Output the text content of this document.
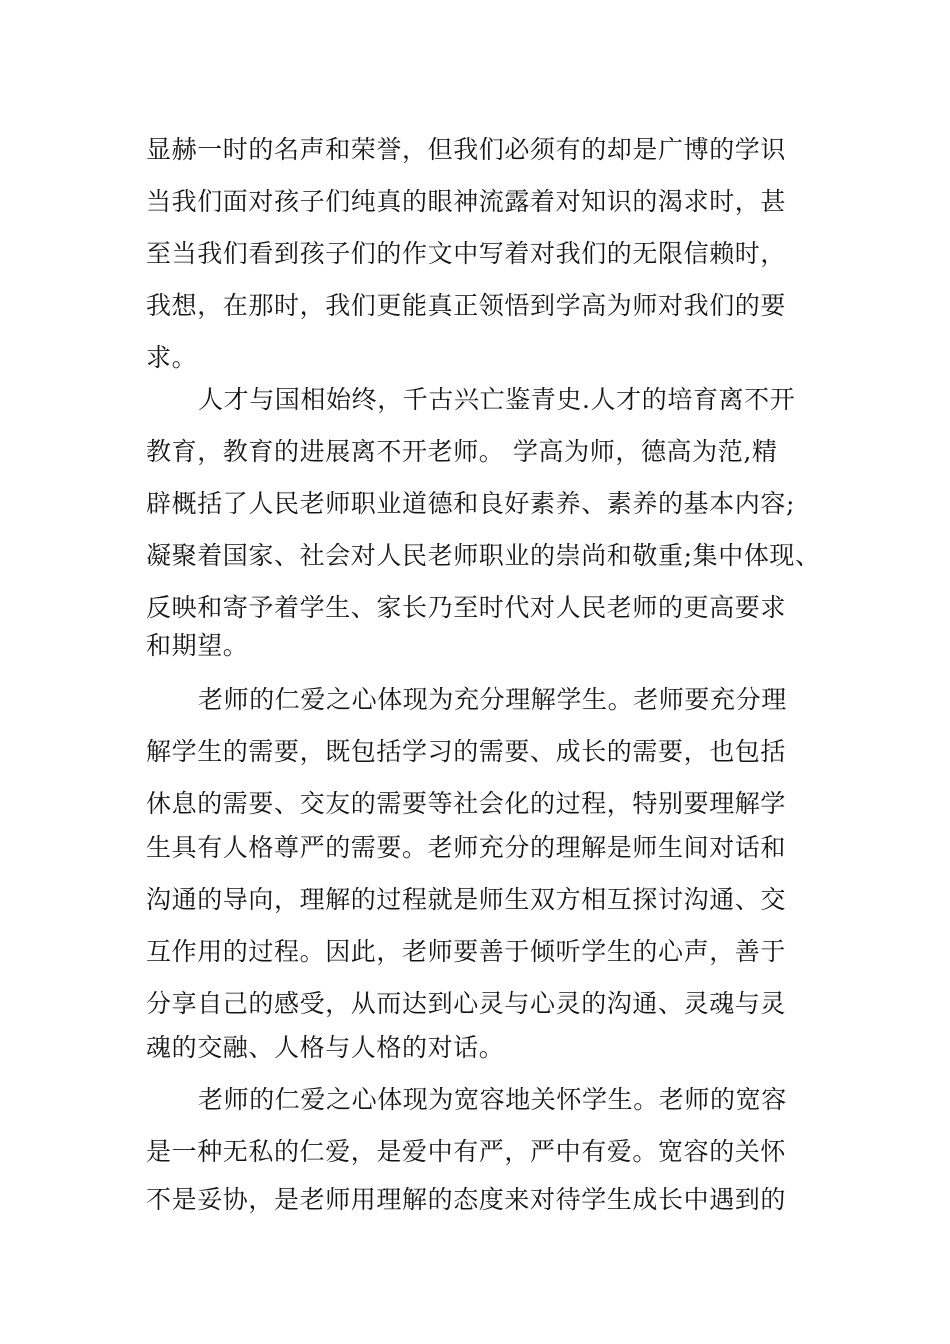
显赫一时的名声和荣誉，但我们必须有的却是广博的学识
当我们面对孩子们纯真的眼神流露着对知识的渴求时，甚
至当我们看到孩子们的作文中写着对我们的无限信赖时，
我想，在那时，我们更能真正领悟到学高为师对我们的要
求。
人才与国相始终，千古兴亡鉴青史.人才的培育离不开
教育，教育的进展离不开老师。 学高为师，德高为范,精
辟概括了人民老师职业道德和良好素养、素养的基本内容;
凝聚着国家、社会对人民老师职业的崇尚和敬重;集中体现、
反映和寄予着学生、家长乃至时代对人民老师的更高要求
和期望。
老师的仁爱之心体现为充分理解学生。老师要充分理
解学生的需要，既包括学习的需要、成长的需要，也包括
休息的需要、交友的需要等社会化的过程，特别要理解学
生具有人格尊严的需要。老师充分的理解是师生间对话和
沟通的导向，理解的过程就是师生双方相互探讨沟通、交
互作用的过程。因此，老师要善于倾听学生的心声，善于
分享自己的感受，从而达到心灵与心灵的沟通、灵魂与灵
魂的交融、人格与人格的对话。
老师的仁爱之心体现为宽容地关怀学生。老师的宽容
是一种无私的仁爱，是爱中有严，严中有爱。宽容的关怀
不是妥协，是老师用理解的态度来对待学生成长中遇到的
